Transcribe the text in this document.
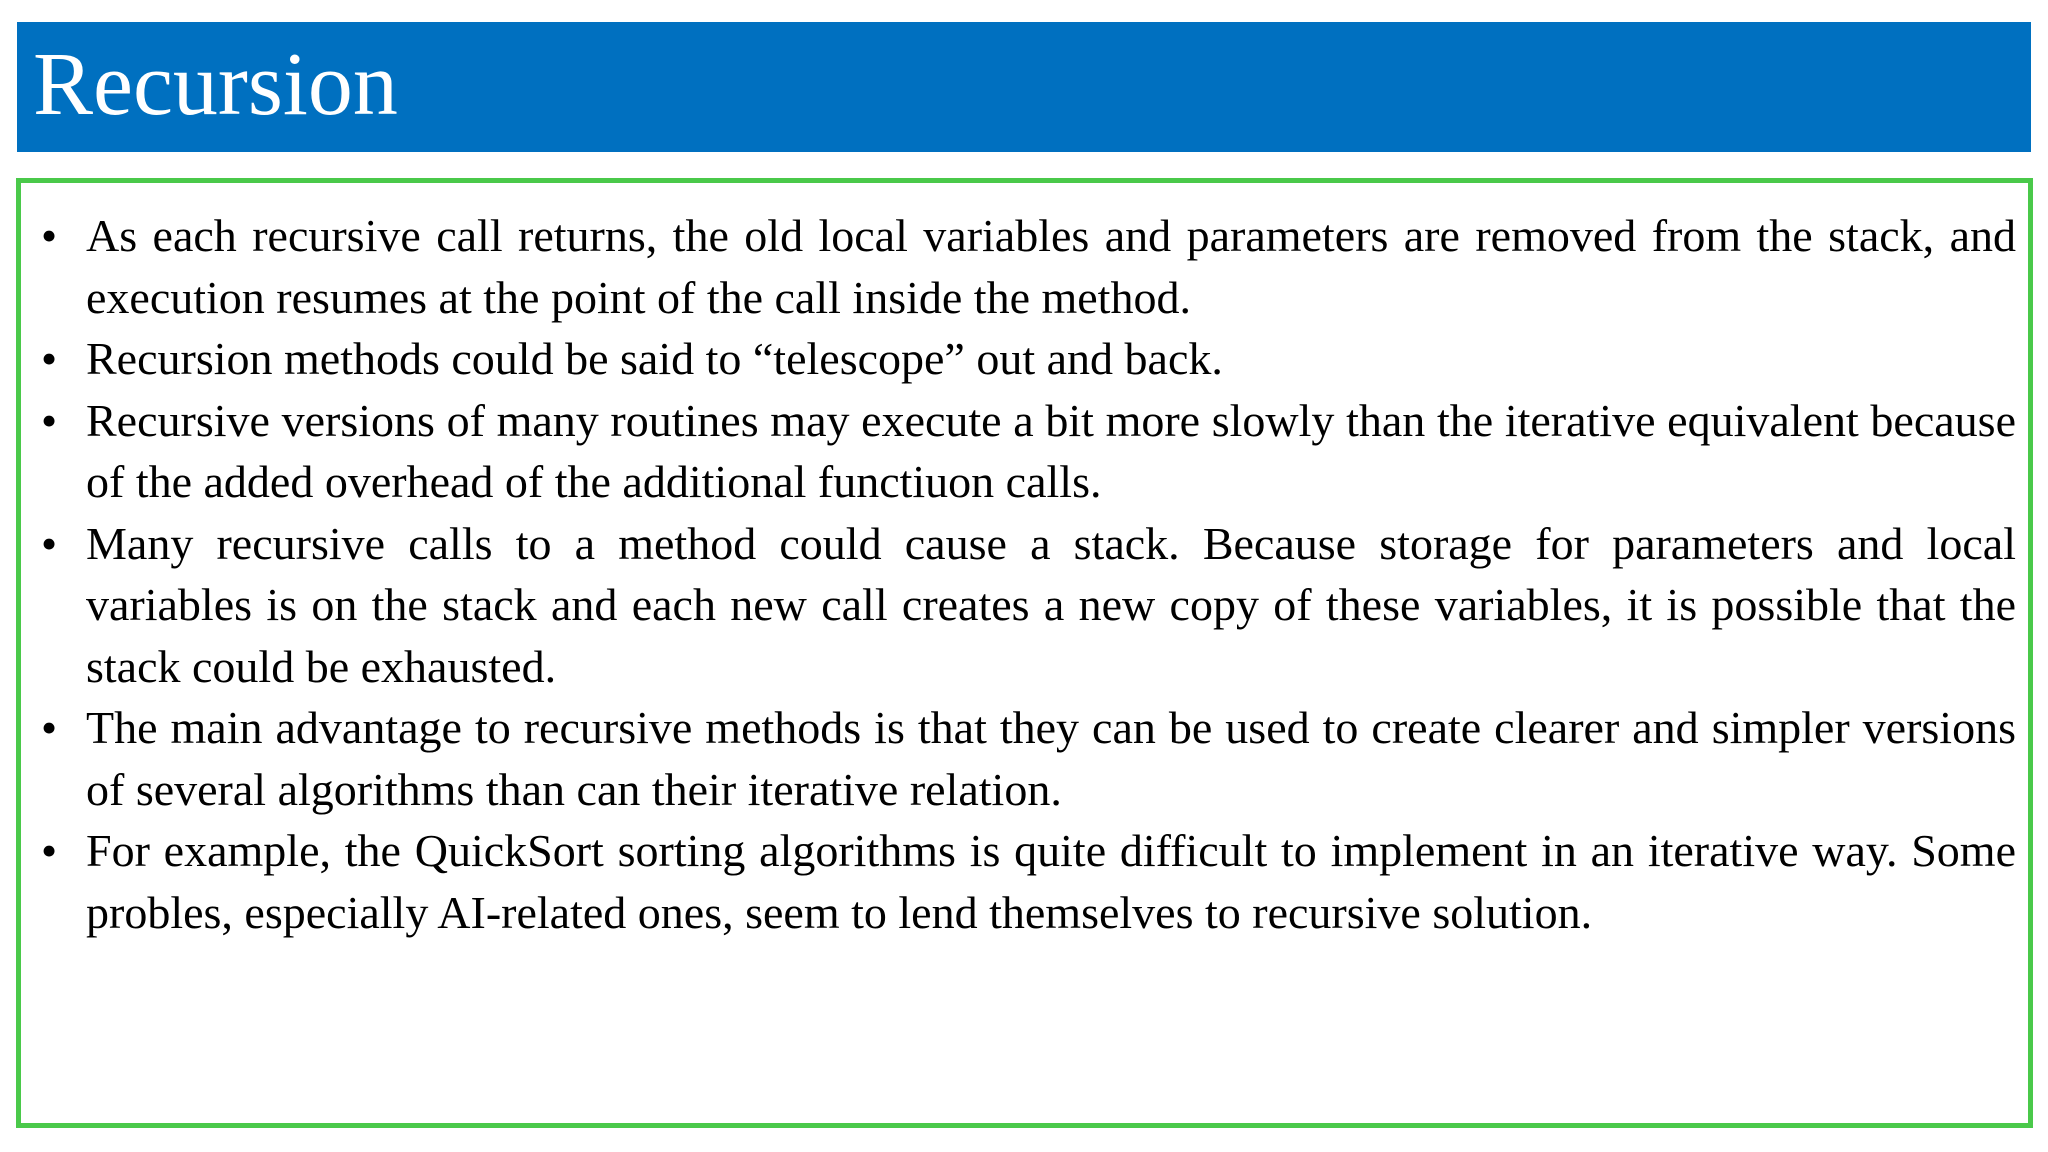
Recursion
• As each recursive call returns, the old local variables and parameters are removed from the stack, and execution resumes at the point of the call inside the method.
• Recursion methods could be said to “telescope” out and back.
• Recursive versions of many routines may execute a bit more slowly than the iterative equivalent because of the added overhead of the additional functiuon calls.
• Many recursive calls to a method could cause a stack. Because storage for parameters and local variables is on the stack and each new call creates a new copy of these variables, it is possible that the stack could be exhausted.
• The main advantage to recursive methods is that they can be used to create clearer and simpler versions of several algorithms than can their iterative relation.
• For example, the QuickSort sorting algorithms is quite difficult to implement in an iterative way. Some probles, especially AI-related ones, seem to lend themselves to recursive solution.
